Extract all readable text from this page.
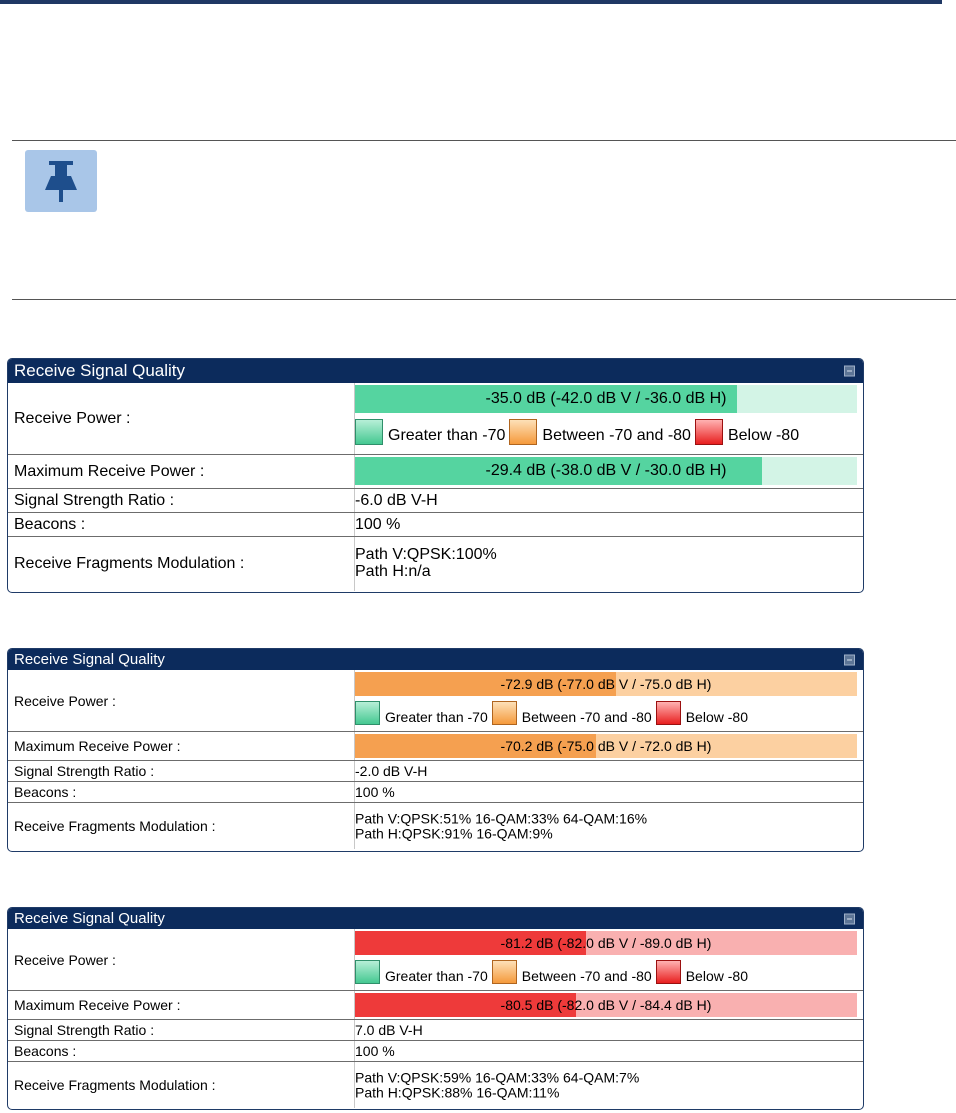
Receive Signal Quality
Receive Power :
-35.0 dB (-42.0 dB V / -36.0 dB H)
Greater than -70 Between -70 and -80 Below -80
Maximum Receive Power :	-29.4 dB (-38.0 dB V / -30.0 dB H)
Signal Strength Ratio :	-6.0 dB V-H
Beacons :	100 %
Receive Fragments Modulation :
Path V:QPSK:100%
Path H:n/a
Receive Signal Quality
Receive Power :
-72.9 dB (-77.0 dB V / -75.0 dB H)
Greater than -70 Between -70 and -80 Below -80
Maximum Receive Power :	-70.2 dB (-75.0 dB V / -72.0 dB H)
Signal Strength Ratio :	-2.0 dB V-H
Beacons :	100 %
Receive Fragments Modulation :	Path V:QPSK:51% 16-QAM:33% 64-QAM:16%
Path H:QPSK:91% 16-QAM:9%
Receive Signal Quality
Receive Power :
-81.2 dB (-82.0 dB V / -89.0 dB H)
Greater than -70 Between -70 and -80 Below -80
Maximum Receive Power :	-80.5 dB (-82.0 dB V / -84.4 dB H)
Signal Strength Ratio :	7.0 dB V-H
Beacons :	100 %
Receive Fragments Modulation :	Path V:QPSK:59% 16-QAM:33% 64-QAM:7%
Path H:QPSK:88% 16-QAM:11%
